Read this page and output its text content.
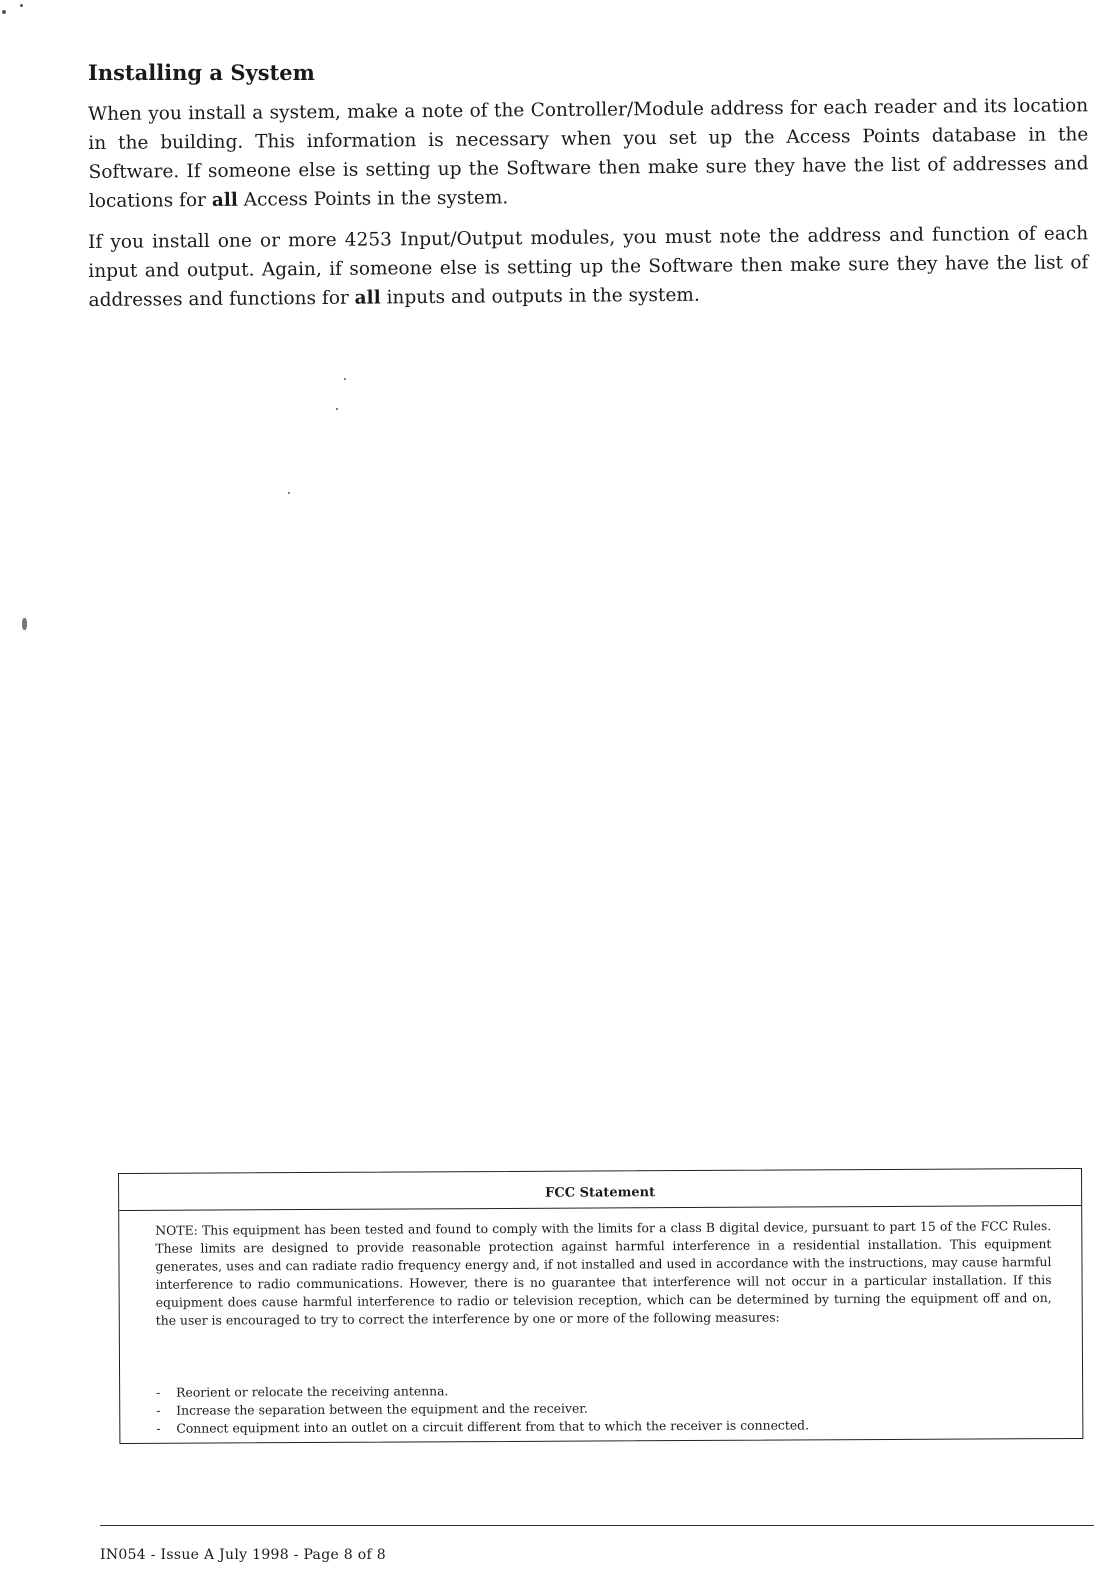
Installing a System

When you install a system, make a note of the Controller/Module address for each reader and its location in the building. This information is necessary when you set up the Access Points database in the Software. If someone else is setting up the Software then make sure they have the list of addresses and locations for all Access Points in the system.

If you install one or more 4253 Input/Output modules, you must note the address and function of each input and output. Again, if someone else is setting up the Software then make sure they have the list of addresses and functions for all inputs and outputs in the system.

FCC Statement

NOTE: This equipment has been tested and found to comply with the limits for a class B digital device, pursuant to part 15 of the FCC Rules. These limits are designed to provide reasonable protection against harmful interference in a residential installation. This equipment generates, uses and can radiate radio frequency energy and, if not installed and used in accordance with the instructions, may cause harmful interference to radio communications. However, there is no guarantee that interference will not occur in a particular installation. If this equipment does cause harmful interference to radio or television reception, which can be determined by turning the equipment off and on, the user is encouraged to try to correct the interference by one or more of the following measures:

- Reorient or relocate the receiving antenna.
- Increase the separation between the equipment and the receiver.
- Connect equipment into an outlet on a circuit different from that to which the receiver is connected.

IN054 - Issue A July 1998 - Page 8 of 8
